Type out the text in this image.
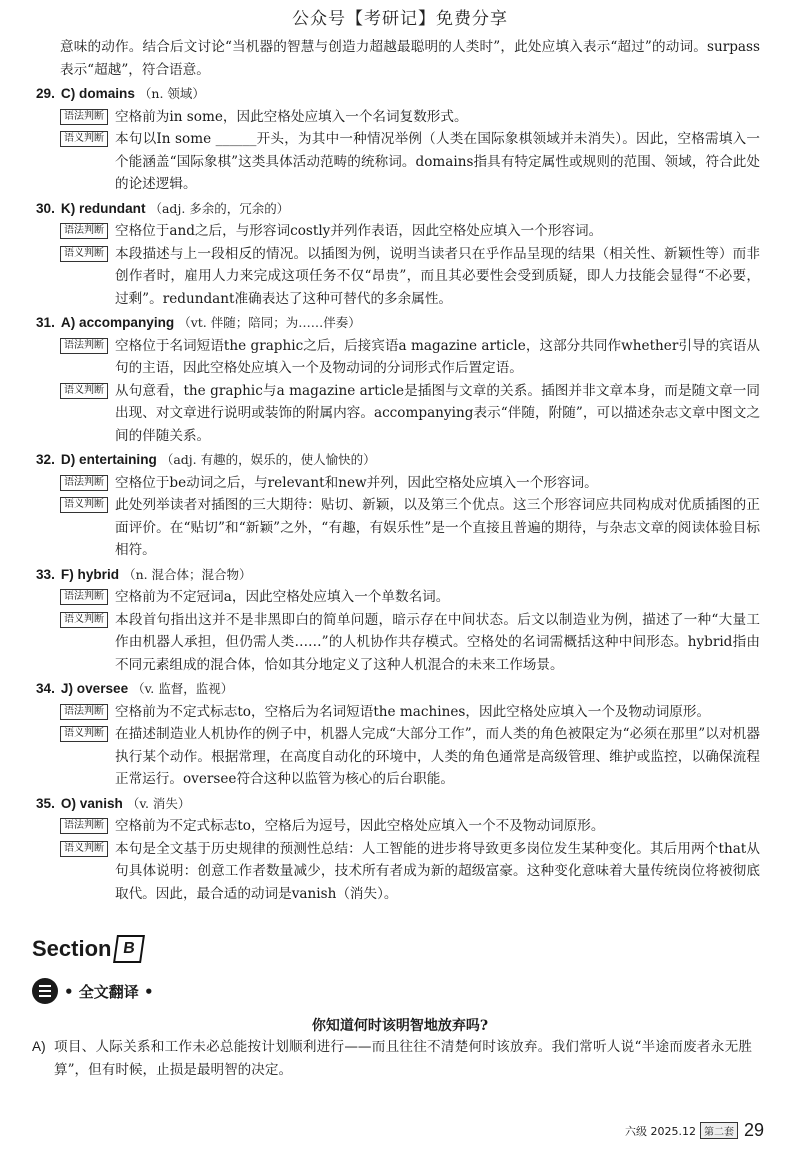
公众号【考研记】免费分享

意味的动作。结合后文讨论“当机器的智慧与创造力超越最聪明的人类时”，此处应填入表示“超过”的动词。surpass表示“超越”，符合语意。

29. C) domains （n. 领域）
语法判断 空格前为in some，因此空格处应填入一个名词复数形式。
语义判断 本句以In some ______开头，为其中一种情况举例（人类在国际象棋领域并未消失）。因此，空格需填入一个能涵盖“国际象棋”这类具体活动范畴的统称词。domains指具有特定属性或规则的范围、领域，符合此处的论述逻辑。
30. K) redundant （adj. 多余的，冗余的）
语法判断 空格位于and之后，与形容词costly并列作表语，因此空格处应填入一个形容词。
语义判断 本段描述与上一段相反的情况。以插图为例，说明当读者只在乎作品呈现的结果（相关性、新颖性等）而非创作者时，雇用人力来完成这项任务不仅“昂贵”，而且其必要性会受到质疑，即人力技能会显得“不必要，过剩”。redundant准确表达了这种可替代的多余属性。
31. A) accompanying （vt. 伴随；陪同；为……伴奏）
语法判断 空格位于名词短语the graphic之后，后接宾语a magazine article，这部分共同作whether引导的宾语从句的主语，因此空格处应填入一个及物动词的分词形式作后置定语。
语义判断 从句意看，the graphic与a magazine article是插图与文章的关系。插图并非文章本身，而是随文章一同出现、对文章进行说明或装饰的附属内容。accompanying表示“伴随，附随”，可以描述杂志文章中图文之间的伴随关系。
32. D) entertaining （adj. 有趣的，娱乐的，使人愉快的）
语法判断 空格位于be动词之后，与relevant和new并列，因此空格处应填入一个形容词。
语义判断 此处列举读者对插图的三大期待：贴切、新颖，以及第三个优点。这三个形容词应共同构成对优质插图的正面评价。在“贴切”和“新颖”之外，“有趣，有娱乐性”是一个直接且普遍的期待，与杂志文章的阅读体验目标相符。
33. F) hybrid （n. 混合体；混合物）
语法判断 空格前为不定冠词a，因此空格处应填入一个单数名词。
语义判断 本段首句指出这并不是非黑即白的简单问题，暗示存在中间状态。后文以制造业为例，描述了一种“大量工作由机器人承担，但仍需人类……”的人机协作共存模式。空格处的名词需概括这种中间形态。hybrid指由不同元素组成的混合体，恰如其分地定义了这种人机混合的未来工作场景。
34. J) oversee （v. 监督，监视）
语法判断 空格前为不定式标志to，空格后为名词短语the machines，因此空格处应填入一个及物动词原形。
语义判断 在描述制造业人机协作的例子中，机器人完成“大部分工作”，而人类的角色被限定为“必须在那里”以对机器执行某个动作。根据常理，在高度自动化的环境中，人类的角色通常是高级管理、维护或监控，以确保流程正常运行。oversee符合这种以监管为核心的后台职能。
35. O) vanish （v. 消失）
语法判断 空格前为不定式标志to，空格后为逗号，因此空格处应填入一个不及物动词原形。
语义判断 本句是全文基于历史规律的预测性总结：人工智能的进步将导致更多岗位发生某种变化。其后用两个that从句具体说明：创意工作者数量减少，技术所有者成为新的超级富豪。这种变化意味着大量传统岗位将被彻底取代。因此，最合适的动词是vanish（消失）。
Section B
• 全文翻译 •
你知道何时该明智地放弃吗?
A) 项目、人际关系和工作未必总能按计划顺利进行——而且往往不清楚何时该放弃。我们常听人说“半途而废者永无胜算”，但有时候，止损是最明智的决定。
六级 2025.12 第二套 29
